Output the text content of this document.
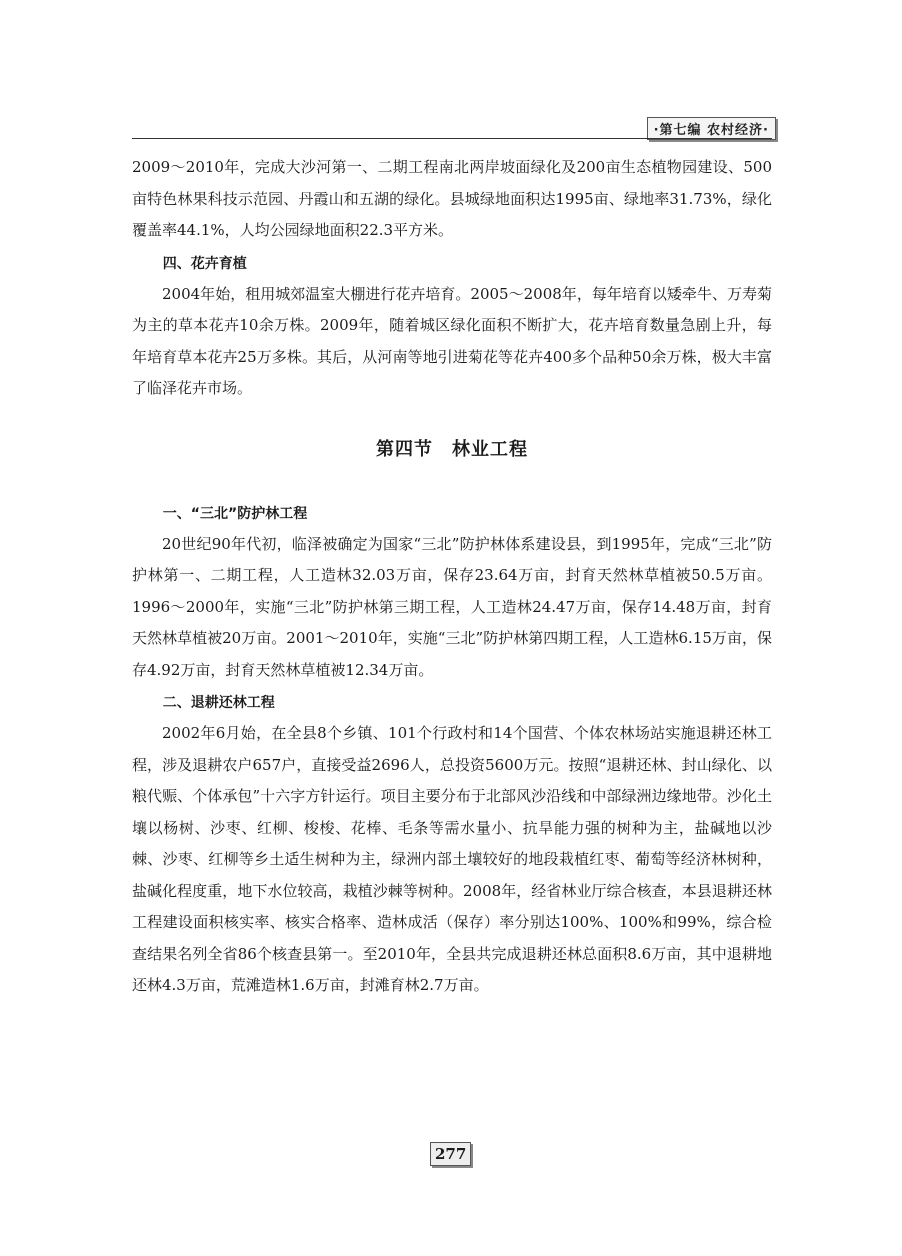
·第七编 农村经济·

2009～2010年，完成大沙河第一、二期工程南北两岸坡面绿化及200亩生态植物园建设、500亩特色林果科技示范园、丹霞山和五湖的绿化。县城绿地面积达1995亩、绿地率31.73%，绿化覆盖率44.1%，人均公园绿地面积22.3平方米。

四、花卉育植

2004年始，租用城郊温室大棚进行花卉培育。2005～2008年，每年培育以矮牵牛、万寿菊为主的草本花卉10余万株。2009年，随着城区绿化面积不断扩大，花卉培育数量急剧上升，每年培育草本花卉25万多株。其后，从河南等地引进菊花等花卉400多个品种50余万株，极大丰富了临泽花卉市场。

第四节　林业工程
一、“三北”防护林工程

20世纪90年代初，临泽被确定为国家“三北”防护林体系建设县，到1995年，完成“三北”防护林第一、二期工程，人工造林32.03万亩，保存23.64万亩，封育天然林草植被50.5万亩。1996～2000年，实施“三北”防护林第三期工程，人工造林24.47万亩，保存14.48万亩，封育天然林草植被20万亩。2001～2010年，实施“三北”防护林第四期工程，人工造林6.15万亩，保存4.92万亩，封育天然林草植被12.34万亩。

二、退耕还林工程

2002年6月始，在全县8个乡镇、101个行政村和14个国营、个体农林场站实施退耕还林工程，涉及退耕农户657户，直接受益2696人，总投资5600万元。按照“退耕还林、封山绿化、以粮代赈、个体承包”十六字方针运行。项目主要分布于北部风沙沿线和中部绿洲边缘地带。沙化土壤以杨树、沙枣、红柳、梭梭、花棒、毛条等需水量小、抗旱能力强的树种为主，盐碱地以沙棘、沙枣、红柳等乡土适生树种为主，绿洲内部土壤较好的地段栽植红枣、葡萄等经济林树种，盐碱化程度重，地下水位较高，栽植沙棘等树种。2008年，经省林业厅综合核查，本县退耕还林工程建设面积核实率、核实合格率、造林成活（保存）率分别达100%、100%和99%，综合检查结果名列全省86个核查县第一。至2010年，全县共完成退耕还林总面积8.6万亩，其中退耕地还林4.3万亩，荒滩造林1.6万亩，封滩育林2.7万亩。

277
